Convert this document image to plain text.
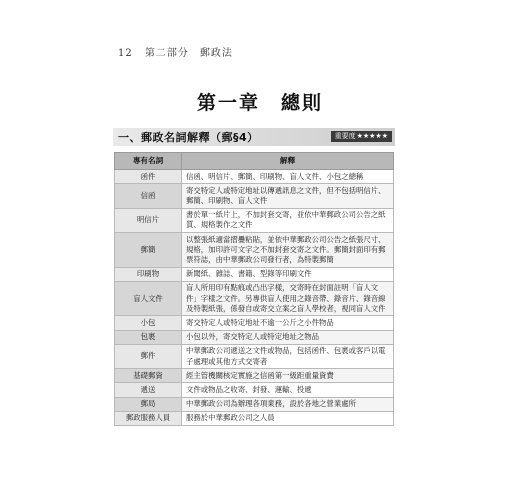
12 第二部分　郵政法
第一章　總則
一、郵政名詞解釋（郵§4）	重要度★★★★★
專有名詞	解釋
函件	信函、明信片、郵簡、印刷物、盲人文件、小包之總稱
信函	寄交特定人或特定地址以傳遞訊息之文件，但不包括明信片、郵簡、印刷物、盲人文件
明信片	書於單一紙片上，不加封套交寄，並依中華郵政公司公告之紙質、規格製作之文件
郵簡	以整張紙適當摺疊粘貼，並依中華郵政公司公告之紙張尺寸、規格，加印許可文字之不加封套交寄之文件。郵簡封面印有郵票符誌，由中華郵政公司發行者，為特製郵簡
印刷物	新聞紙、雜誌、書籍、型錄等印刷文件
盲人文件	盲人所用印有點痕或凸出字樣，交寄時在封面註明「盲人文件」字樣之文件。另專供盲人使用之錄音帶、錄音片、錄音線及特製紙張，係發自或寄交立案之盲人學校者，視同盲人文件
小包	寄交特定人或特定地址不逾一公斤之小件物品
包裹	小包以外，寄交特定人或特定地址之物品
郵件	中華郵政公司遞送之文件或物品，包括函件、包裹或客戶以電子處理或其他方式交寄者
基礎郵資	經主管機關核定實施之信函第一級距重量資費
遞送	文件或物品之收寄、封發、運輸、投遞
郵局	中華郵政公司為辦理各項業務，設於各地之營業處所
郵政服務人員	服務於中華郵政公司之人員
